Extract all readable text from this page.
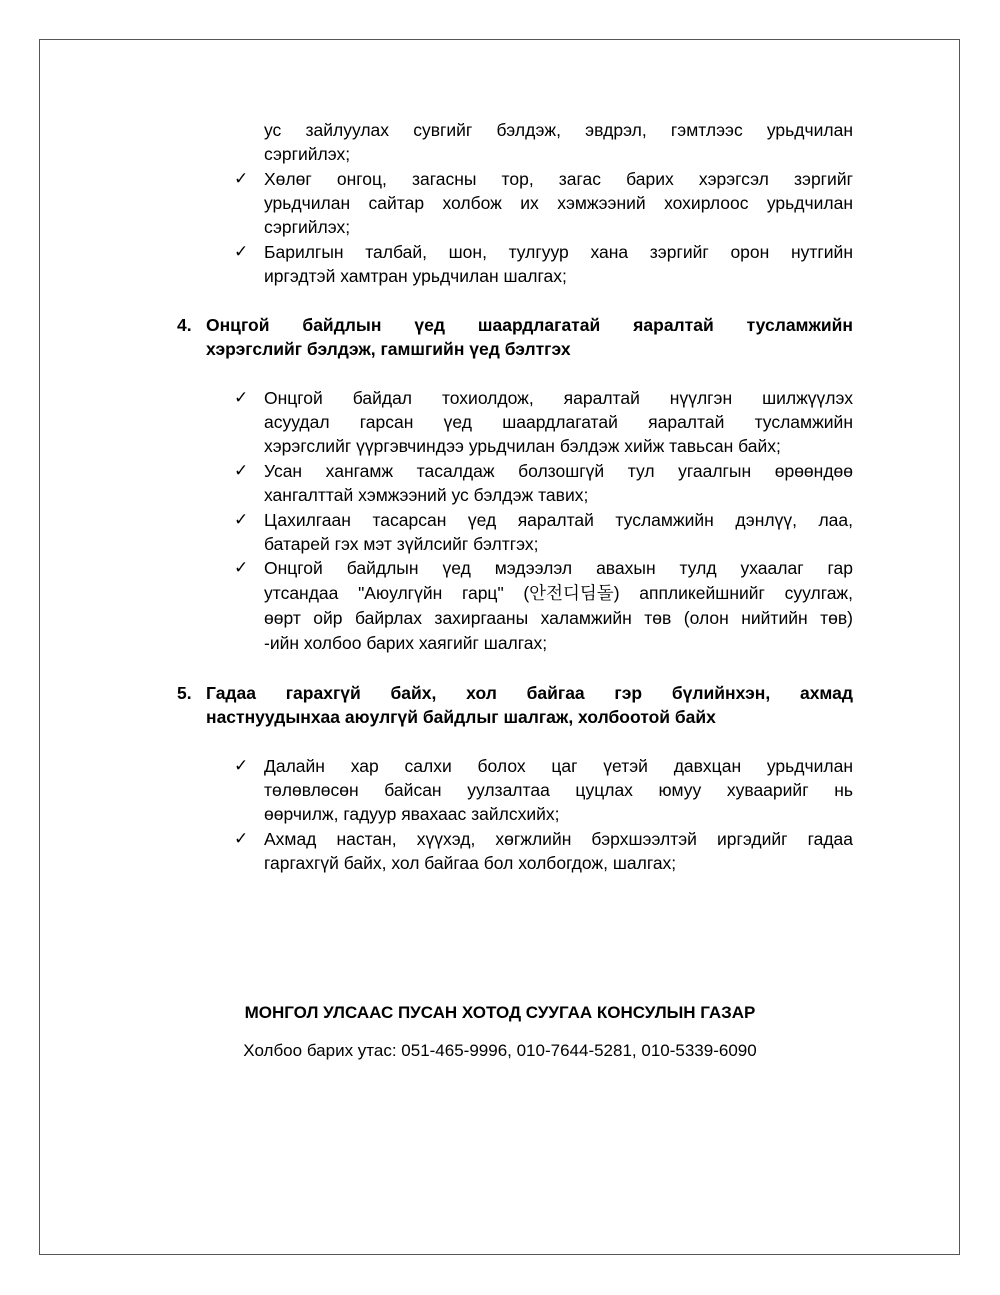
ус зайлуулах сувгийг бэлдэж, эвдрэл, гэмтлээс урьдчилан
сэргийлэх;
✓ Хөлөг онгоц, загасны тор, загас барих хэрэгсэл зэргийг
урьдчилан сайтар холбож их хэмжээний хохирлоос урьдчилан
сэргийлэх;
✓ Барилгын талбай, шон, тулгуур хана зэргийг орон нутгийн
иргэдтэй хамтран урьдчилан шалгах;
4. Онцгой байдлын үед шаардлагатай яаралтай тусламжийн
хэрэгслийг бэлдэж, гамшгийн үед бэлтгэх
✓ Онцгой байдал тохиолдож, яаралтай нүүлгэн шилжүүлэх
асуудал гарсан үед шаардлагатай яаралтай тусламжийн
хэрэгслийг үүргэвчиндээ урьдчилан бэлдэж хийж тавьсан байх;
✓ Усан хангамж тасалдаж болзошгүй тул угаалгын өрөөндөө
хангалттай хэмжээний ус бэлдэж тавих;
✓ Цахилгаан тасарсан үед яаралтай тусламжийн дэнлүү, лаа,
батарей гэх мэт зүйлсийг бэлтгэх;
✓ Онцгой байдлын үед мэдээлэл авахын тулд ухаалаг гар
утсандаа "Аюулгүйн гарц" (안전디딤돌) аппликейшнийг суулгаж,
өөрт ойр байрлах захиргааны халамжийн төв (олон нийтийн төв)
-ийн холбоо барих хаягийг шалгах;
5. Гадаа гарахгүй байх, хол байгаа гэр бүлийнхэн, ахмад
настнуудынхаа аюулгүй байдлыг шалгаж, холбоотой байх
✓ Далайн хар салхи болох цаг үетэй давхцан урьдчилан
төлөвлөсөн байсан уулзалтаа цуцлах юмуу хуваарийг нь
өөрчилж, гадуур явахаас зайлсхийх;
✓ Ахмад настан, хүүхэд, хөгжлийн бэрхшээлтэй иргэдийг гадаа
гаргахгүй байх, хол байгаа бол холбогдож, шалгах;
МОНГОЛ УЛСААС ПУСАН ХОТОД СУУГАА КОНСУЛЫН ГАЗАР
Холбоо барих утас: 051-465-9996, 010-7644-5281, 010-5339-6090
